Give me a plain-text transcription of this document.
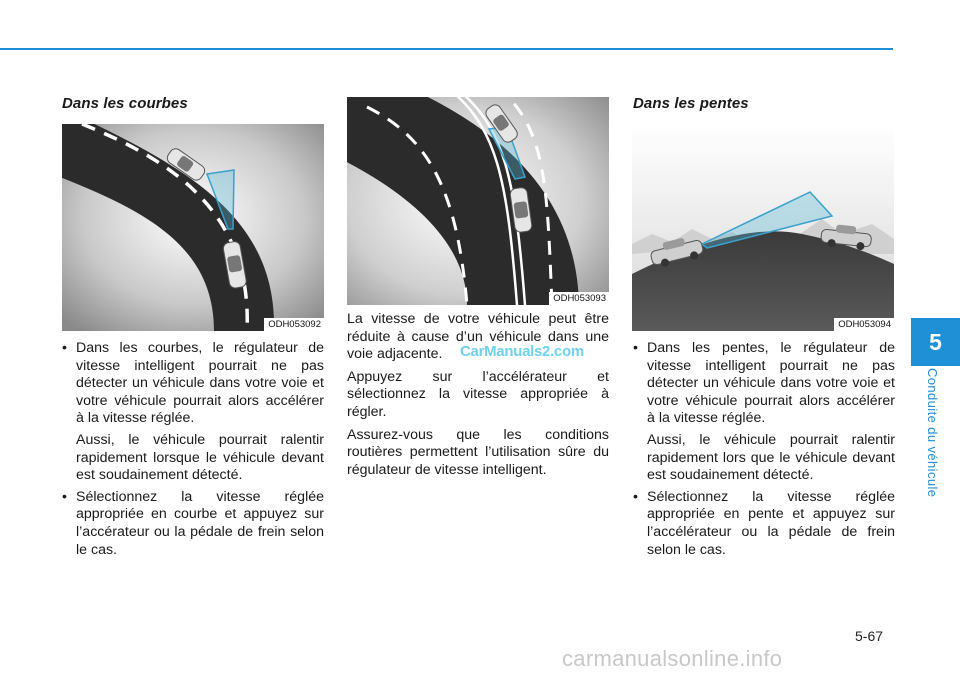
Dans les courbes
ODH053092
• Dans les courbes, le régulateur de vitesse intelligent pourrait ne pas détecter un véhicule dans votre voie et votre véhicule pourrait alors accélérer à la vitesse réglée.

Aussi, le véhicule pourrait ralentir rapidement lorsque le véhicule devant est soudainement détecté.

• Sélectionnez la vitesse réglée appropriée en courbe et appuyez sur l’accérateur ou la pédale de frein selon le cas.

ODH053093

La vitesse de votre véhicule peut être réduite à cause d’un véhicule dans une voie adjacente.

Appuyez sur l’accélérateur et sélectionnez la vitesse appropriée à régler.

Assurez-vous que les conditions routières permettent l’utilisation sûre du régulateur de vitesse intelligent.

CarManuals2.com
Dans les pentes
ODH053094
• Dans les pentes, le régulateur de vitesse intelligent pourrait ne pas détecter un véhicule dans votre voie et votre véhicule pourrait alors accélérer à la vitesse réglée.

Aussi, le véhicule pourrait ralentir rapidement lors que le véhicule devant est soudainement détecté.

• Sélectionnez la vitesse réglée appropriée en pente et appuyez sur l’accélérateur ou la pédale de frein selon le cas.

5
Conduite du véhicule
5-67
carmanualsonline.info
